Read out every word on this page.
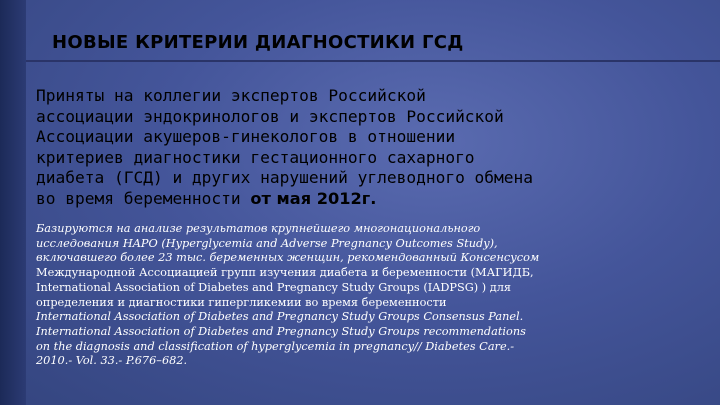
НОВЫЕ КРИТЕРИИ ДИАГНОСТИКИ ГСД
Приняты на коллегии экспертов Российской
ассоциации эндокринологов и экспертов Российской
Ассоциации акушеров-гинекологов в отношении
критериев диагностики гестационного сахарного
диабета (ГСД) и других нарушений углеводного обмена
во время беременности от мая 2012г.
Базируются на анализе результатов крупнейшего многонационального
исследования HAPO (Hyperglycemia and Adverse Pregnancy Outcomes Study),
включавшего более 23 тыс. беременных женщин, рекомендованный Консенсусом
Международной Ассоциацией групп изучения диабета и беременности (МАГИДБ,
International Association of Diabetes and Pregnancy Study Groups (IADPSG) ) для
определения и диагностики гипергликемии во время беременности
International Association of Diabetes and Pregnancy Study Groups Consensus Panel.
International Association of Diabetes and Pregnancy Study Groups recommendations
on the diagnosis and classification of hyperglycemia in pregnancy// Diabetes Care.-
2010.- Vol. 33.- P.676–682.
